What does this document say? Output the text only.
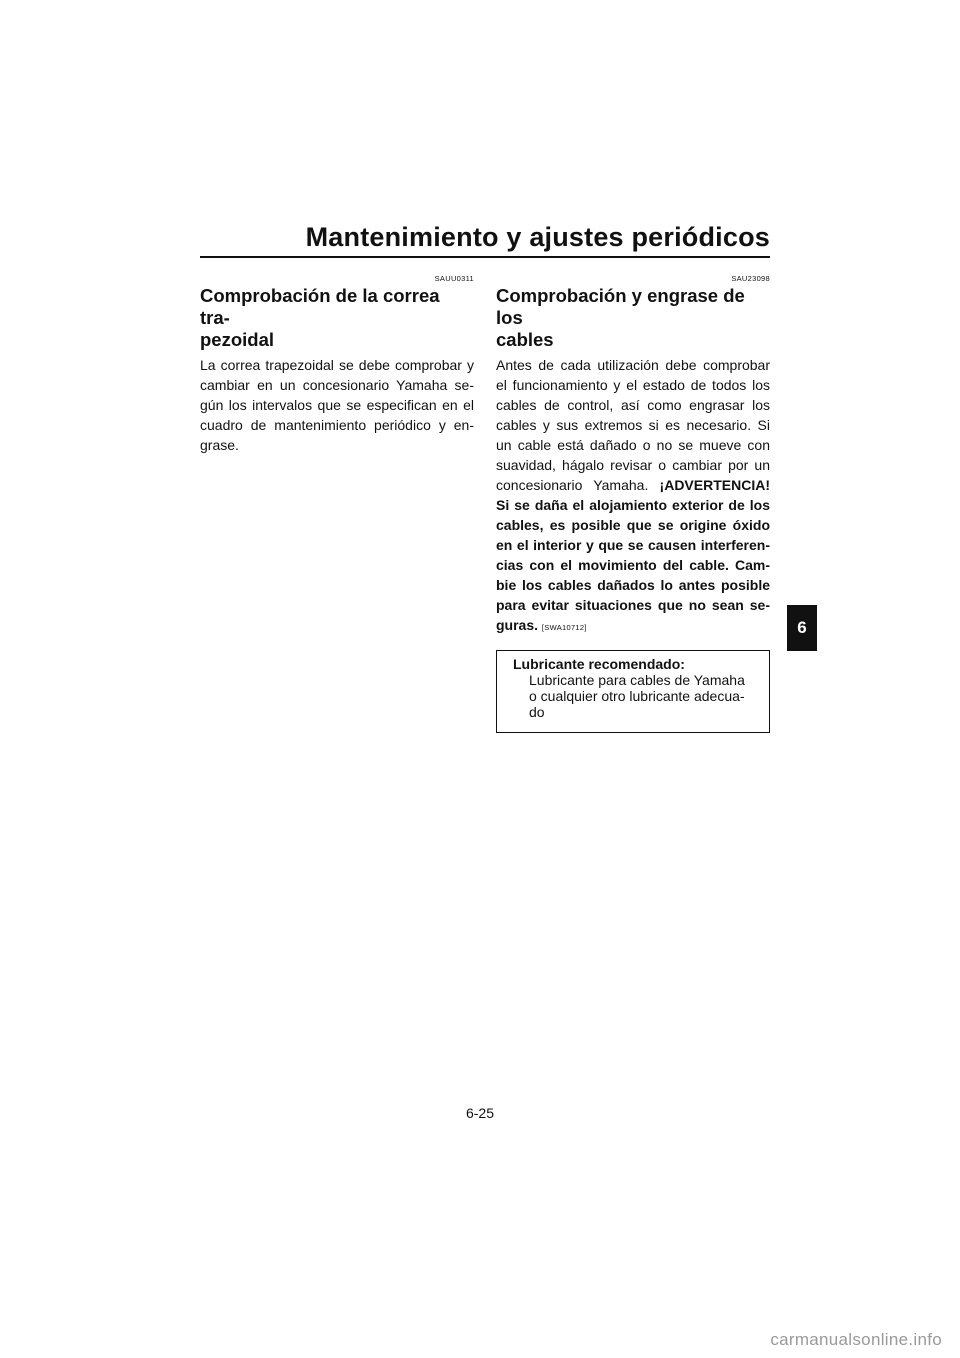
Mantenimiento y ajustes periódicos
SAUU0311
Comprobación de la correa tra-
pezoidal

La correa trapezoidal se debe comprobar y cambiar en un concesionario Yamaha se- gún los intervalos que se especifican en el cuadro de mantenimiento periódico y en- grase.

SAU23098
Comprobación y engrase de los
cables

Antes de cada utilización debe comprobar el funcionamiento y el estado de todos los cables de control, así como engrasar los cables y sus extremos si es necesario. Si un cable está dañado o no se mueve con suavidad, hágalo revisar o cambiar por un concesionario Yamaha. ¡ADVERTENCIA! Si se daña el alojamiento exterior de los cables, es posible que se origine óxido en el interior y que se causen interferen- cias con el movimiento del cable. Cam- bie los cables dañados lo antes posible para evitar situaciones que no sean se- guras. [SWA10712]

Lubricante recomendado:
Lubricante para cables de Yamaha
o cualquier otro lubricante adecua-
do
6
6-25
carmanualsonline.info
